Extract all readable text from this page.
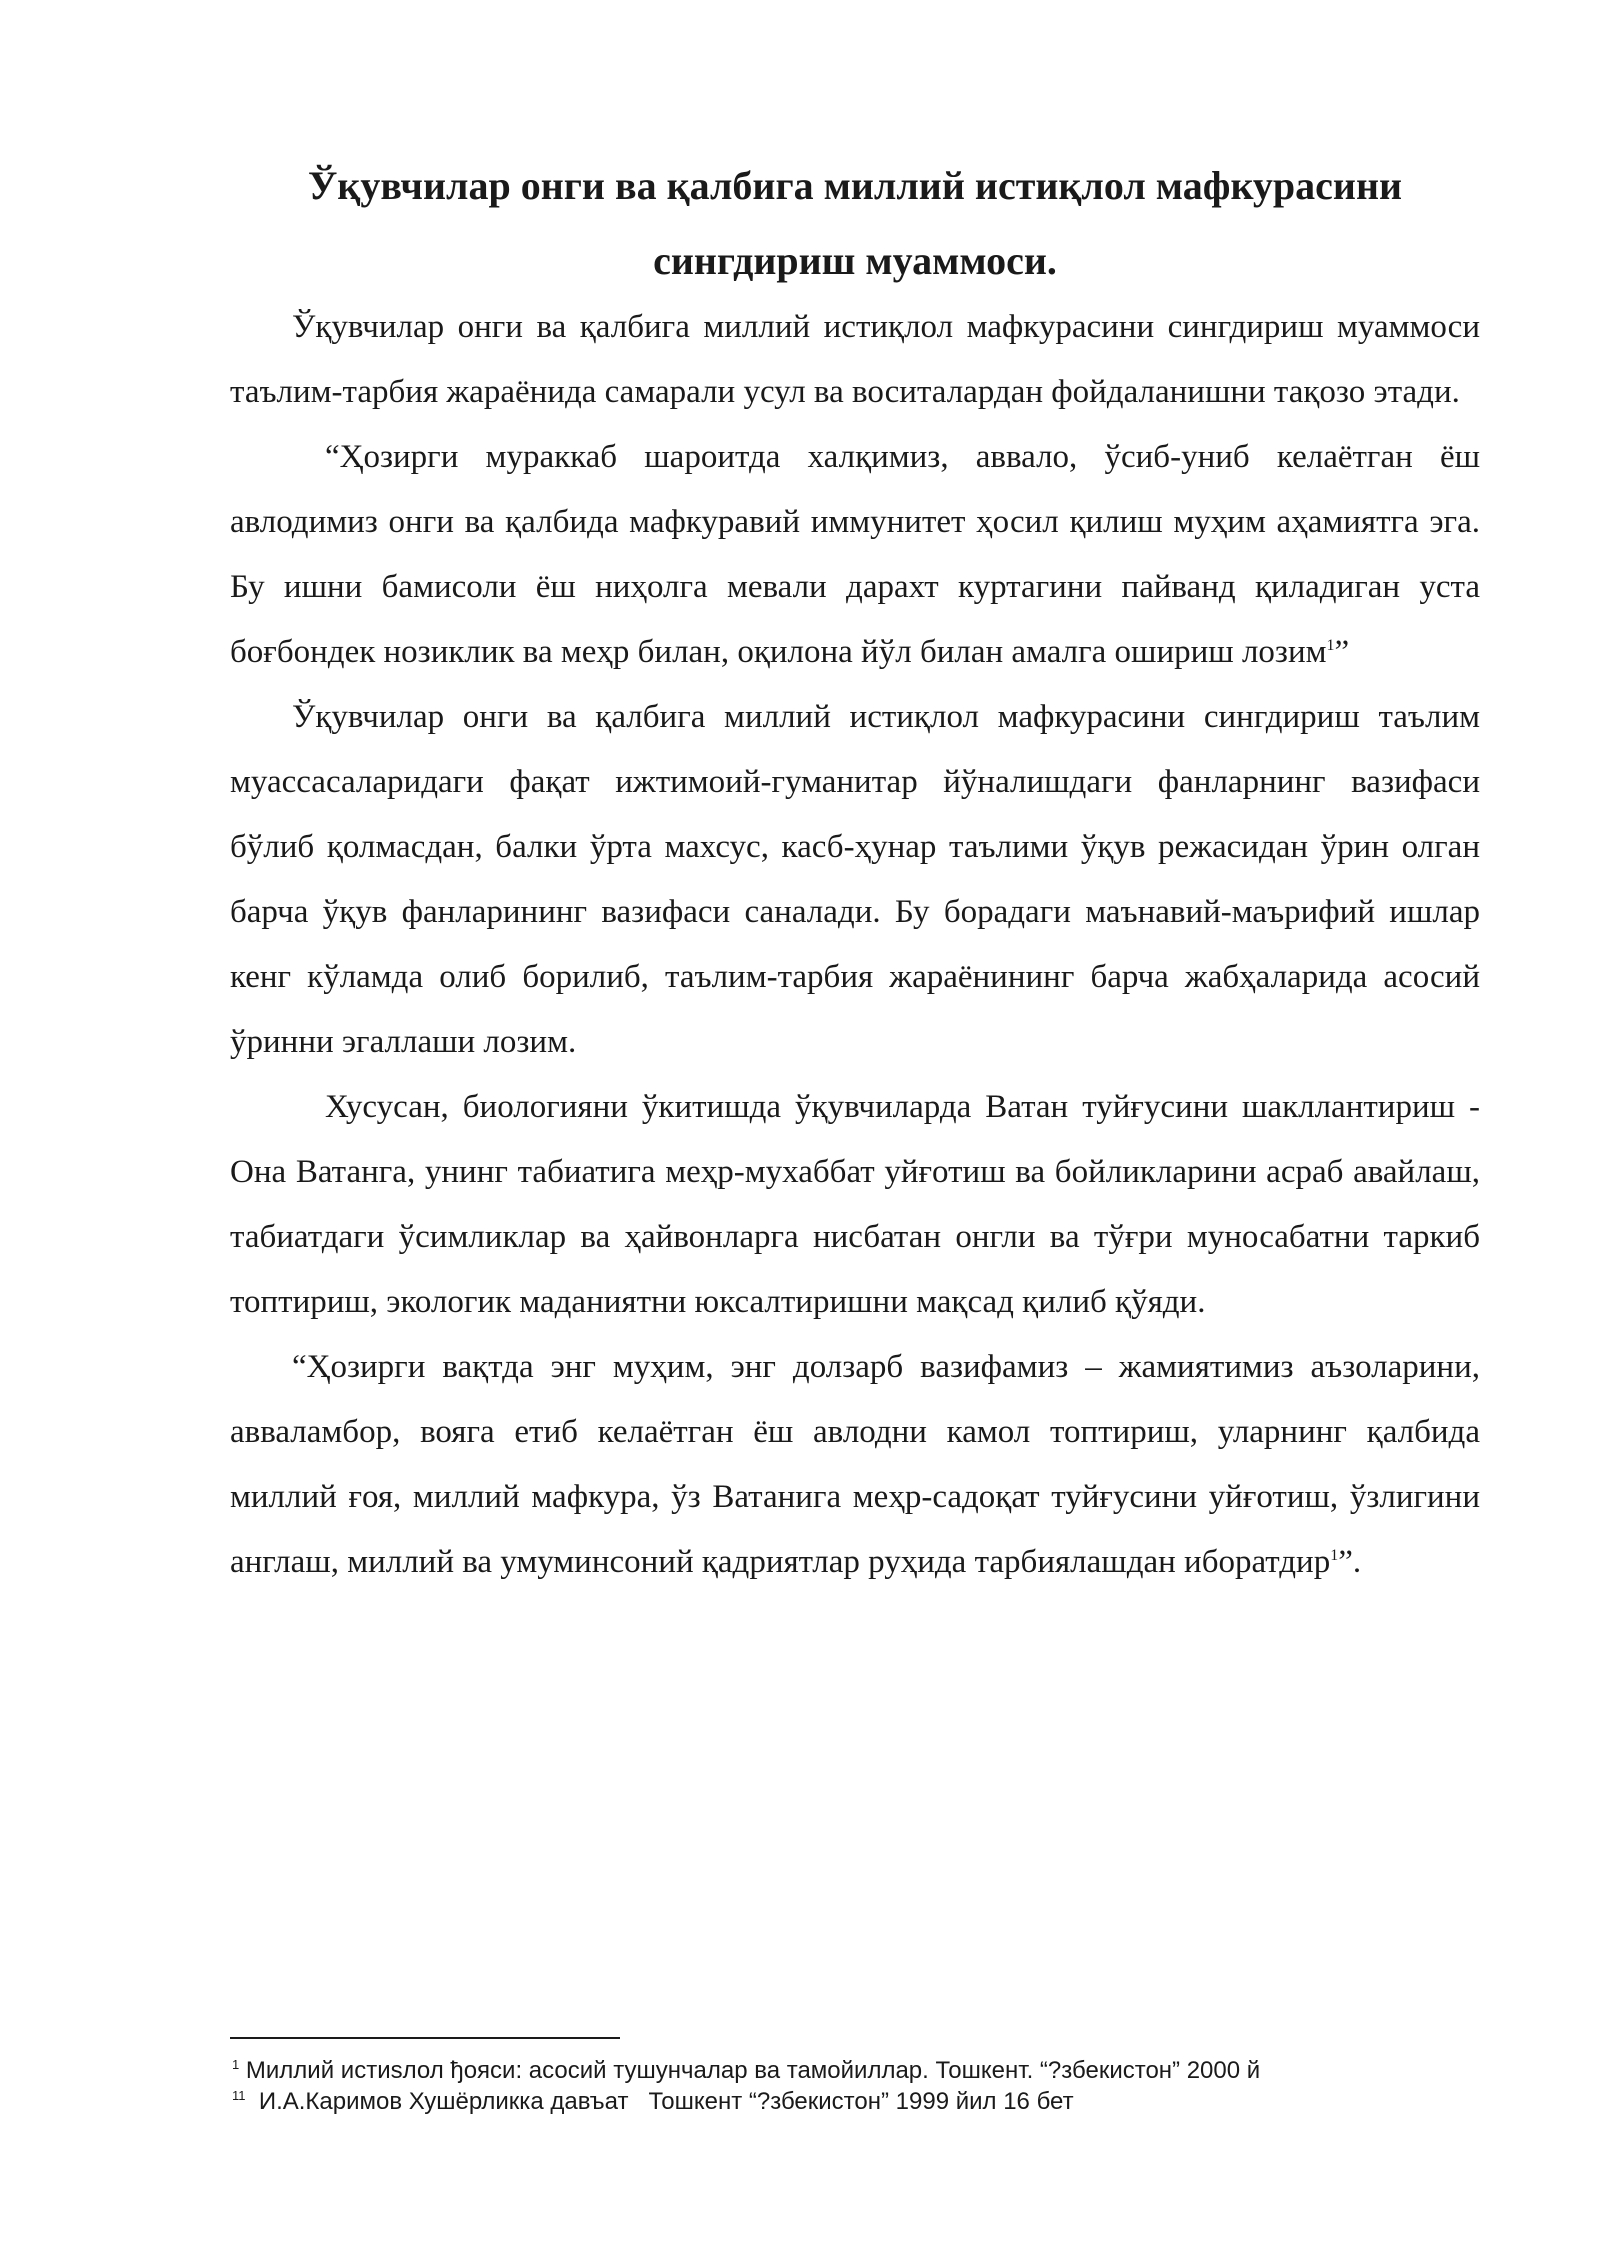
Ўқувчилар онги ва қалбига миллий истиқлол мафкурасини
сингдириш муаммоси.

Ўқувчилар онги ва қалбига миллий истиқлол мафкурасини сингдириш муаммоси таълим-тарбия жараёнида самарали усул ва воситалардан фойдаланишни тақозо этади.

“Ҳозирги мураккаб шароитда халқимиз, аввало, ўсиб-униб келаётган ёш авлодимиз онги ва қалбида мафкуравий иммунитет ҳосил қилиш муҳим аҳамиятга эга. Бу ишни бамисоли ёш ниҳолга мевали дарахт куртагини пайванд қиладиган уста боғбондек нозиклик ва меҳр билан, оқилона йўл билан амалга ошириш лозим$^1$”

Ўқувчилар онги ва қалбига миллий истиқлол мафкурасини сингдириш таълим муассасаларидаги фақат ижтимоий-гуманитар йўналишдаги фанларнинг вазифаси бўлиб қолмасдан, балки ўрта махсус, касб-ҳунар таълими ўқув режасидан ўрин олган барча ўқув фанларининг вазифаси саналади. Бу борадаги маънавий-маърифий ишлар кенг кўламда олиб борилиб, таълим-тарбия жараёнининг барча жабҳаларида асосий ўринни эгаллаши лозим.

Хусусан, биологияни ўкитишда ўқувчиларда Ватан туйғусини шакллантириш - Она Ватанга, унинг табиатига меҳр-мухаббат уйғотиш ва бойликларини асраб авайлаш, табиатдаги ўсимликлар ва ҳайвонларга нисбатан онгли ва тўғри муносабатни таркиб топтириш, экологик маданиятни юксалтиришни мақсад қилиб қўяди.

“Ҳозирги вақтда энг муҳим, энг долзарб вазифамиз – жамиятимиз аъзоларини, авваламбор, вояга етиб келаётган ёш авлодни камол топтириш, уларнинг қалбида миллий ғоя, миллий мафкура, ўз Ватанига меҳр-садоқат туйғусини уйғотиш, ўзлигини англаш, миллий ва умуминсоний қадриятлар руҳида тарбиялашдан иборатдир$^1$”.

$^1$ Миллий истиsлол ђояси: асосий тушунчалар ва тамойиллар. Тошкент. “?збекистон” 2000 й
$^{11}$  И.А.Каримов Хушёрликка давъат   Тошкент “?збекистон” 1999 йил 16 бет
